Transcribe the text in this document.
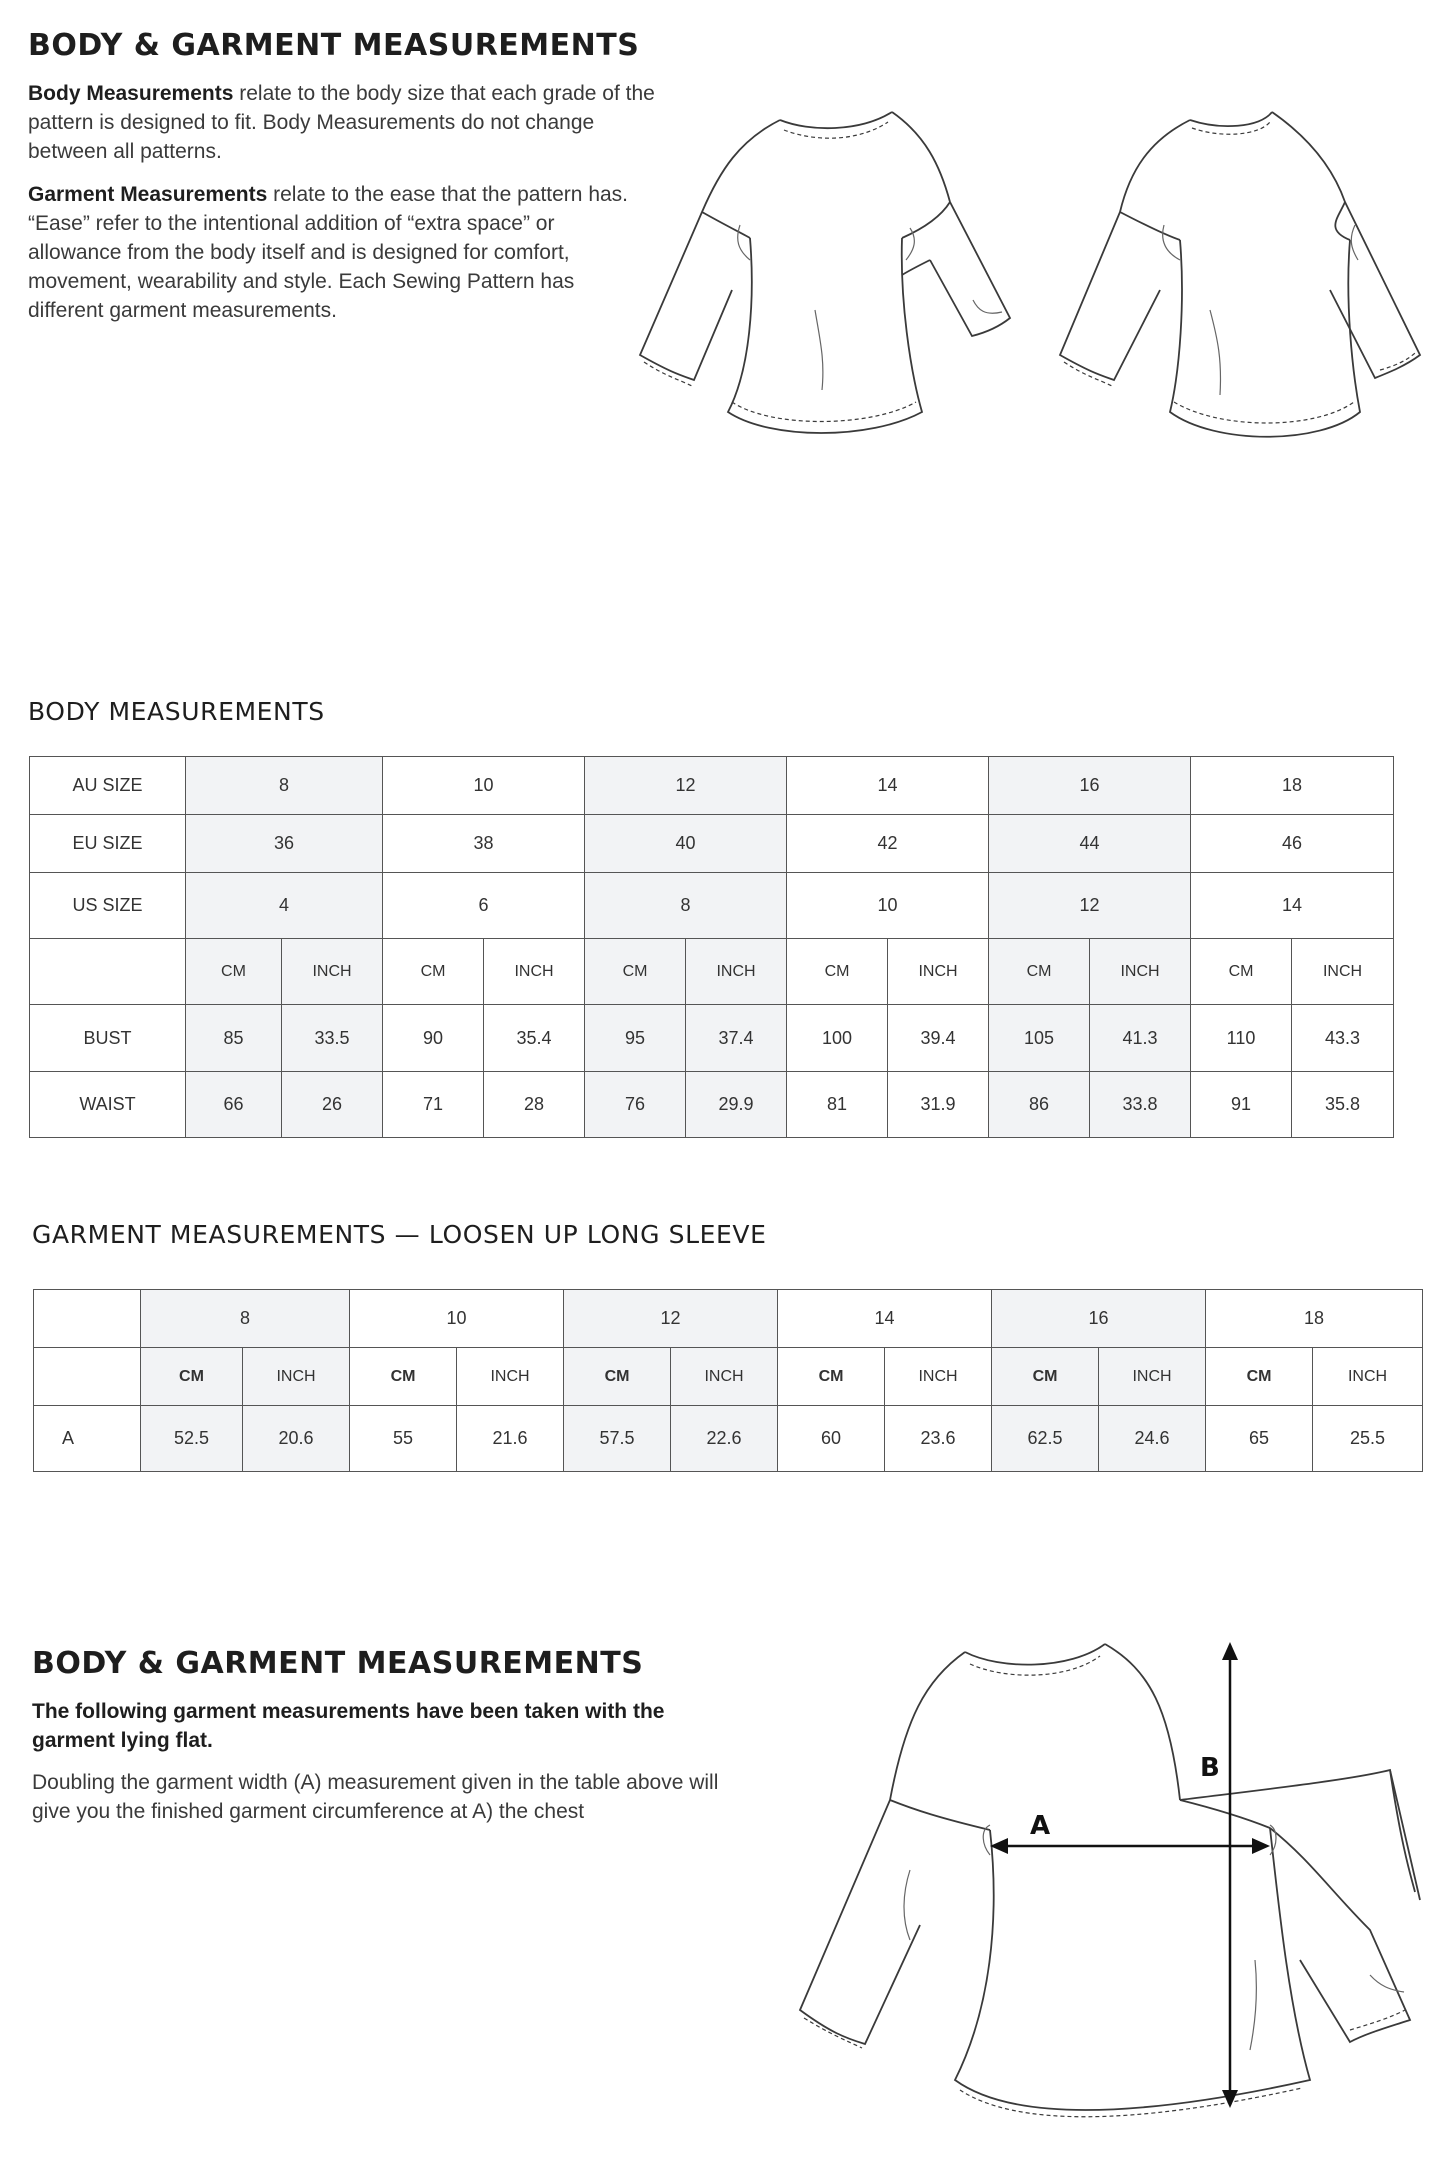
BODY & GARMENT MEASUREMENTS

Body Measurements relate to the body size that each grade of the pattern is designed to fit. Body Measurements do not change between all patterns.

Garment Measurements relate to the ease that the pattern has. “Ease” refer to the intentional addition of “extra space” or allowance from the body itself and is designed for comfort, movement, wearability and style. Each Sewing Pattern has different garment measurements.

BODY MEASUREMENTS
AU SIZE	8		10		12		14		16		18	
EU SIZE	36		38		40		42		44		46	
US SIZE	4		6		8		10		12		14	
	CM	INCH	CM	INCH	CM	INCH	CM	INCH	CM	INCH	CM	INCH
BUST	85	33.5	90	35.4	95	37.4	100	39.4	105	41.3	110	43.3
WAIST	66	26	71	28	76	29.9	81	31.9	86	33.8	91	35.8
GARMENT MEASUREMENTS — LOOSEN UP LONG SLEEVE
	8		10		12		14		16		18	
	CM	INCH	CM	INCH	CM	INCH	CM	INCH	CM	INCH	CM	INCH
A	52.5	20.6	55	21.6	57.5	22.6	60	23.6	62.5	24.6	65	25.5
BODY & GARMENT MEASUREMENTS

The following garment measurements have been taken with the garment lying flat.

Doubling the garment width (A) measurement given in the table above will give you the finished garment circumference at A) the chest	A
B
